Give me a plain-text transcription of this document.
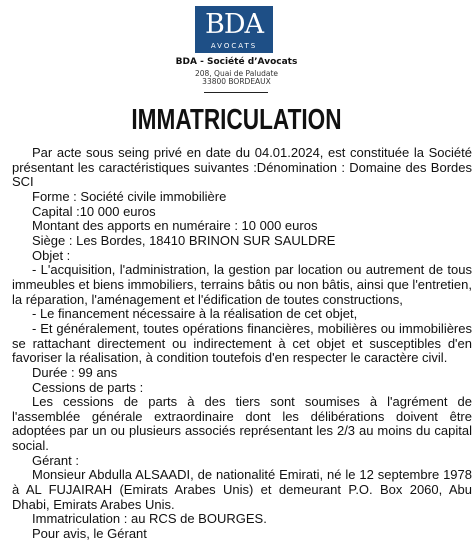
BDA
AVOCATS
BDA - Société d’Avocats
208, Quai de Paludate
33800 BORDEAUX
IMMATRICULATION

Par acte sous seing privé en date du 04.01.2024, est constituée la Société présentant les caractéristiques suivantes :Dénomination : Domaine des Bordes SCI

Forme : Société civile immobilière

Capital :10 000 euros

Montant des apports en numéraire : 10 000 euros

Siège : Les Bordes, 18410 BRINON SUR SAULDRE

Objet :

- L'acquisition, l'administration, la gestion par location ou autrement de tous immeubles et biens immobiliers, terrains bâtis ou non bâtis, ainsi que l'entretien, la réparation, l'aménagement et l'édification de toutes constructions,

- Le financement nécessaire à la réalisation de cet objet,

- Et généralement, toutes opérations financières, mobilières ou immobilières se rattachant directement ou indirectement à cet objet et susceptibles d'en favoriser la réalisation, à condition toutefois d'en respecter le caractère civil.

Durée : 99 ans

Cessions de parts :

Les cessions de parts à des tiers sont soumises à l'agrément de l'assemblée générale extraordinaire dont les délibérations doivent être adoptées par un ou plusieurs associés représentant les 2/3 au moins du capital social.

Gérant :

Monsieur Abdulla ALSAADI, de nationalité Emirati, né le 12 septembre 1978 à AL FUJAIRAH (Emirats Arabes Unis) et demeurant P.O. Box 2060, Abu Dhabi, Emirats Arabes Unis.

Immatriculation : au RCS de BOURGES.

Pour avis, le Gérant
